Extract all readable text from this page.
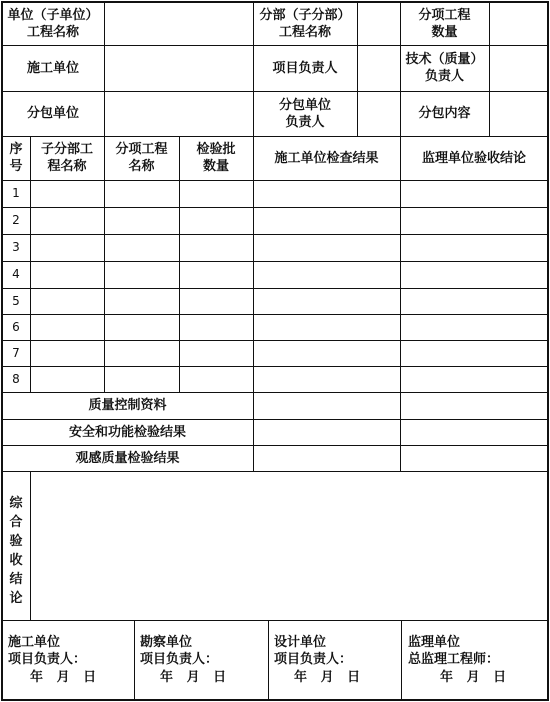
单位（子单位）
工程名称
分部（子分部）
工程名称
分项工程
数量
施工单位	项目负责人
技术（质量）
负责人
分包单位
分包单位
负责人
分包内容
序
号
子分部工
程名称
分项工程
名称
检验批
数量
施工单位检查结果	监理单位验收结论
1
2
3
4
5
6
7
8
质量控制资料
安全和功能检验结果
观感质量检验结果
综合验收结论
施工单位
项目负责人：
年   月   日
勘察单位
项目负责人：
年   月   日
设计单位
项目负责人：
年   月   日
监理单位
总监理工程师：
年   月   日
